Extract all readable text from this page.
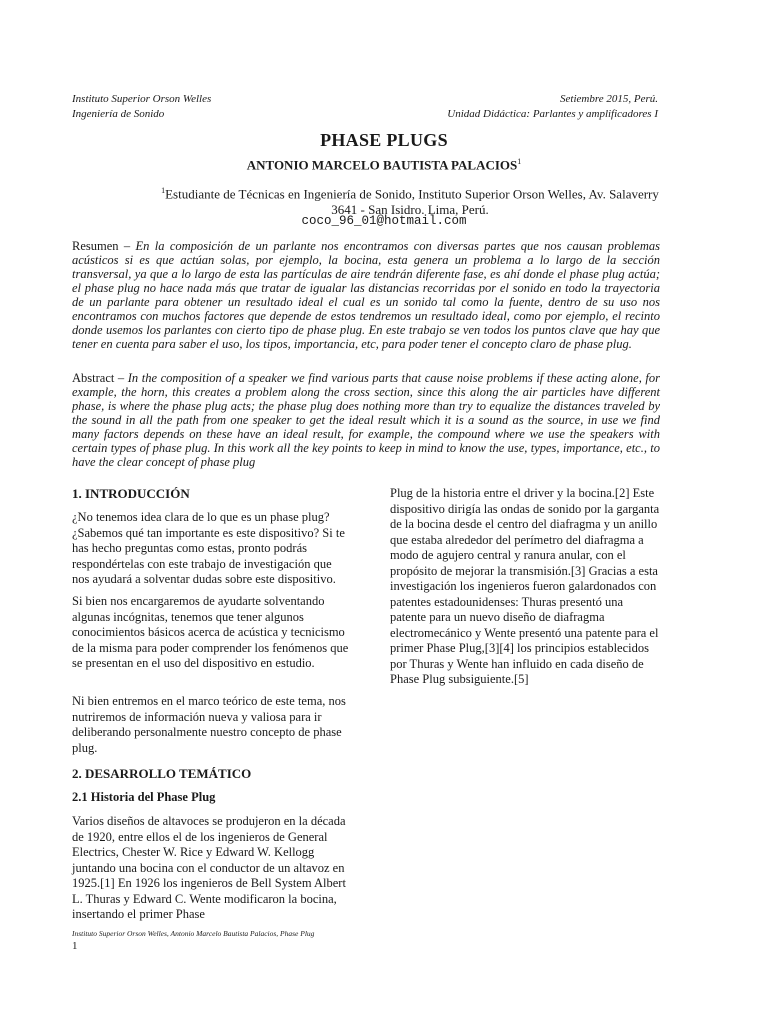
Instituto Superior Orson Welles
Ingeniería de Sonido
Setiembre 2015, Perú.
Unidad Didáctica: Parlantes y amplificadores I
PHASE PLUGS
ANTONIO MARCELO BAUTISTA PALACIOS$^1$
$^1$Estudiante de Técnicas en Ingeniería de Sonido, Instituto Superior Orson Welles, Av. Salaverry 3641 - San Isidro. Lima, Perú.
coco_96_01@hotmail.com
Resumen – En la composición de un parlante nos encontramos con diversas partes que nos causan problemas acústicos si es que actúan solas, por ejemplo, la bocina, esta genera un problema a lo largo de la sección transversal, ya que a lo largo de esta las partículas de aire tendrán diferente fase, es ahí donde el phase plug actúa; el phase plug no hace nada más que tratar de igualar las distancias recorridas por el sonido en todo la trayectoria de un parlante para obtener un resultado ideal el cual es un sonido tal como la fuente, dentro de su uso nos encontramos con muchos factores que depende de estos tendremos un resultado ideal, como por ejemplo, el recinto donde usemos los parlantes con cierto tipo de phase plug. En este trabajo se ven todos los puntos clave que hay que tener en cuenta para saber el uso, los tipos, importancia, etc, para poder tener el concepto claro de phase plug.
Abstract – In the composition of a speaker we find various parts that cause noise problems if these acting alone, for example, the horn, this creates a problem along the cross section, since this along the air particles have different phase, is where the phase plug acts; the phase plug does nothing more than try to equalize the distances traveled by the sound in all the path from one speaker to get the ideal result which it is a sound as the source, in use we find many factors depends on these have an ideal result, for example, the compound where we use the speakers with certain types of phase plug. In this work all the key points to keep in mind to know the use, types, importance, etc., to have the clear concept of phase plug
1. INTRODUCCIÓN

¿No tenemos idea clara de lo que es un phase plug? ¿Sabemos qué tan importante es este dispositivo? Si te has hecho preguntas como estas, pronto podrás respondértelas con este trabajo de investigación que nos ayudará a solventar dudas sobre este dispositivo.

Si bien nos encargaremos de ayudarte solventando algunas incógnitas, tenemos que tener algunos conocimientos básicos acerca de acústica y tecnicismo de la misma para poder comprender los fenómenos que se presentan en el uso del dispositivo en estudio.

Ni bien entremos en el marco teórico de este tema, nos nutriremos de información nueva y valiosa para ir deliberando personalmente nuestro concepto de phase plug.

2. DESARROLLO TEMÁTICO
2.1 Historia del Phase Plug

Varios diseños de altavoces se produjeron en la década de 1920, entre ellos el de los ingenieros de General Electrics, Chester W. Rice y Edward W. Kellogg juntando una bocina con el conductor de un altavoz en 1925.[1] En 1926 los ingenieros de Bell System Albert L. Thuras y Edward C. Wente modificaron la bocina, insertando el primer Phase

Plug de la historia entre el driver y la bocina.[2] Este dispositivo dirigía las ondas de sonido por la garganta de la bocina desde el centro del diafragma y un anillo que estaba alrededor del perímetro del diafragma a modo de agujero central y ranura anular, con el propósito de mejorar la transmisión.[3] Gracias a esta investigación los ingenieros fueron galardonados con patentes estadounidenses: Thuras presentó una patente para un nuevo diseño de diafragma electromecánico y Wente presentó una patente para el primer Phase Plug,[3][4] los principios establecidos por Thuras y Wente han influido en cada diseño de Phase Plug subsiguiente.[5]

Instituto Superior Orson Welles, Antonio Marcelo Bautista Palacios, Phase Plug
1
